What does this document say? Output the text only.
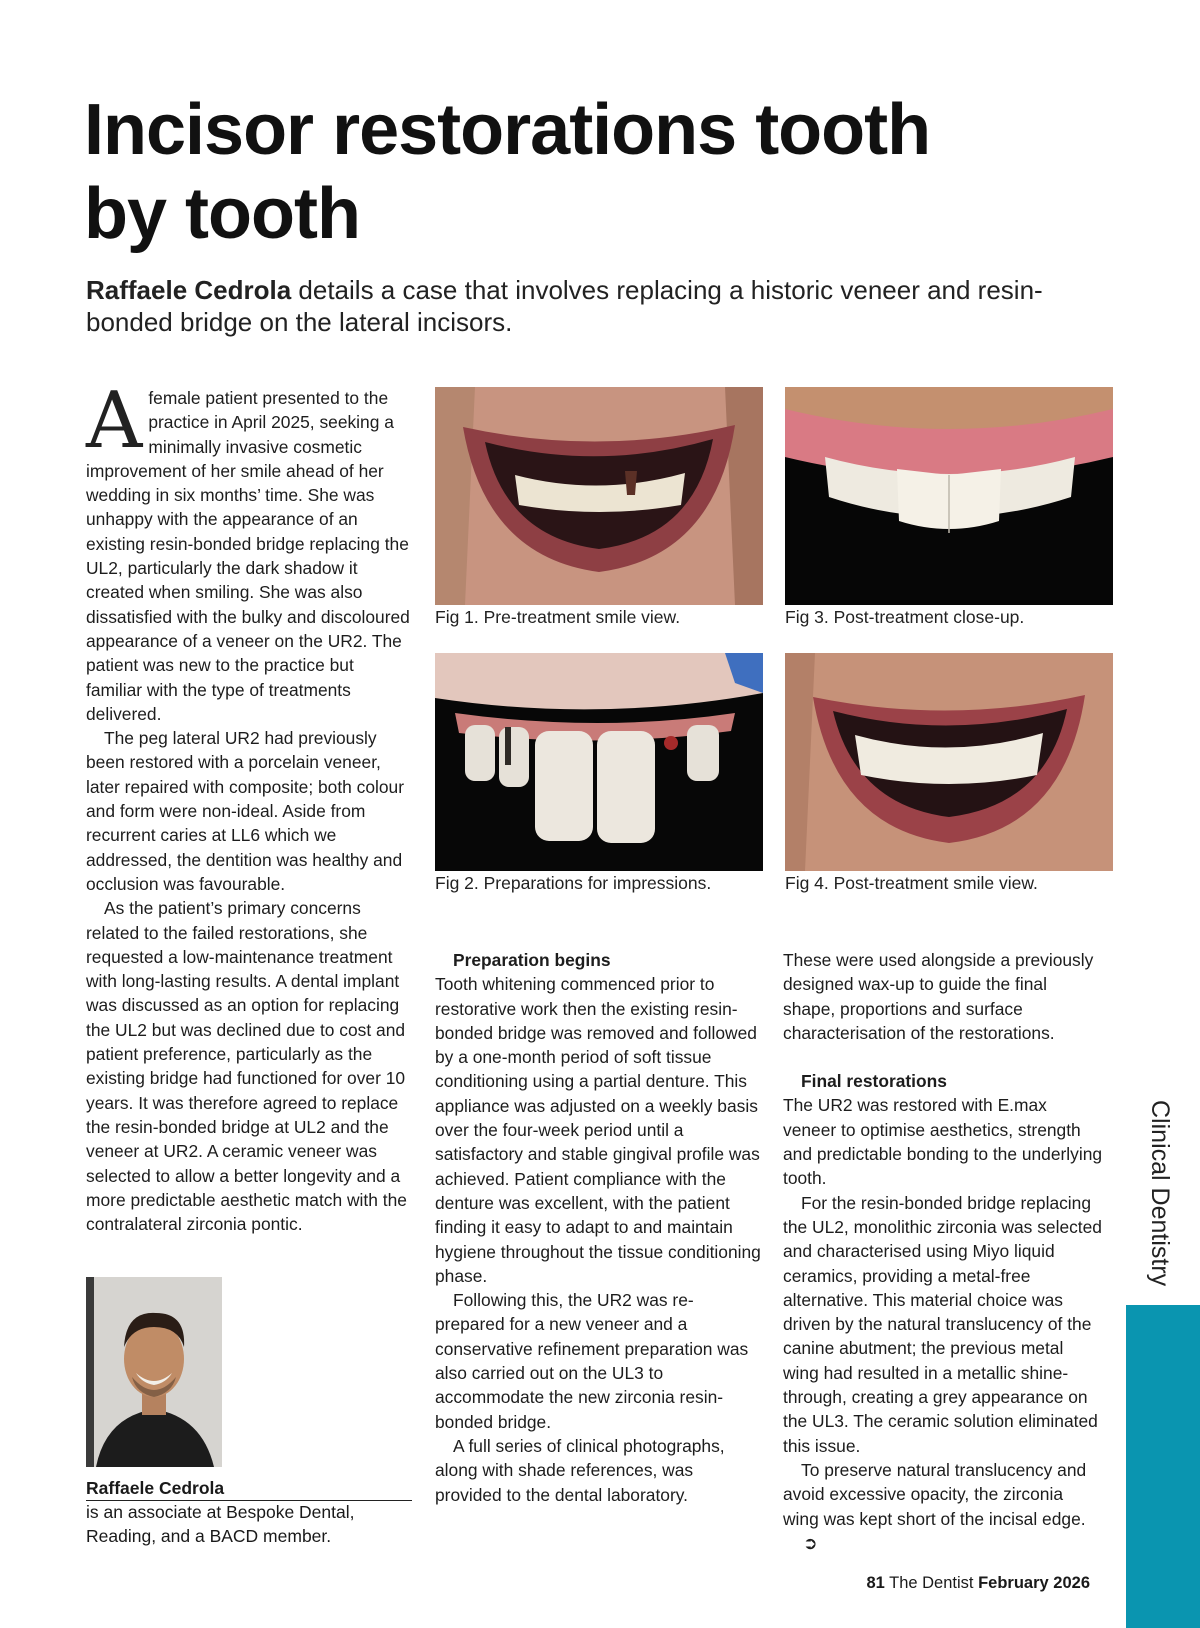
Incisor restorations tooth by tooth

Raffaele Cedrola details a case that involves replacing a historic veneer and resin-bonded bridge on the lateral incisors.

A female patient presented to the practice in April 2025, seeking a minimally invasive cosmetic improvement of her smile ahead of her wedding in six months’ time. She was unhappy with the appearance of an existing resin-bonded bridge replacing the UL2, particularly the dark shadow it created when smiling. She was also dissatisfied with the bulky and discoloured appearance of a veneer on the UR2. The patient was new to the practice but familiar with the type of treatments delivered.

The peg lateral UR2 had previously been restored with a porcelain veneer, later repaired with composite; both colour and form were non-ideal. Aside from recurrent caries at LL6 which we addressed, the dentition was healthy and occlusion was favourable.

As the patient’s primary concerns related to the failed restorations, she requested a low-maintenance treatment with long-lasting results. A dental implant was discussed as an option for replacing the UL2 but was declined due to cost and patient preference, particularly as the existing bridge had functioned for over 10 years. It was therefore agreed to replace the resin-bonded bridge at UL2 and the veneer at UR2. A ceramic veneer was selected to allow a better longevity and a more predictable aesthetic match with the contralateral zirconia pontic.

Fig 1. Pre-treatment smile view.

Fig 2. Preparations for impressions.

Fig 3. Post-treatment close-up.

Fig 4. Post-treatment smile view.

Preparation begins

Tooth whitening commenced prior to restorative work then the existing resin-bonded bridge was removed and followed by a one-month period of soft tissue conditioning using a partial denture. This appliance was adjusted on a weekly basis over the four-week period until a satisfactory and stable gingival profile was achieved. Patient compliance with the denture was excellent, with the patient finding it easy to adapt to and maintain hygiene throughout the tissue conditioning phase.

Following this, the UR2 was re-prepared for a new veneer and a conservative refinement preparation was also carried out on the UL3 to accommodate the new zirconia resin-bonded bridge.

A full series of clinical photographs, along with shade references, was provided to the dental laboratory.

These were used alongside a previously designed wax-up to guide the final shape, proportions and surface characterisation of the restorations.

Final restorations

The UR2 was restored with E.max veneer to optimise aesthetics, strength and predictable bonding to the underlying tooth.

For the resin-bonded bridge replacing the UL2, monolithic zirconia was selected and characterised using Miyo liquid ceramics, providing a metal-free alternative. This material choice was driven by the natural translucency of the canine abutment; the previous metal wing had resulted in a metallic shine-through, creating a grey appearance on the UL3. The ceramic solution eliminated this issue.

To preserve natural translucency and avoid excessive opacity, the zirconia wing was kept short of the incisal edge.➲

Raffaele Cedrola

is an associate at Bespoke Dental, Reading, and a BACD member.

Clinical Dentistry
81 The Dentist February 2026
